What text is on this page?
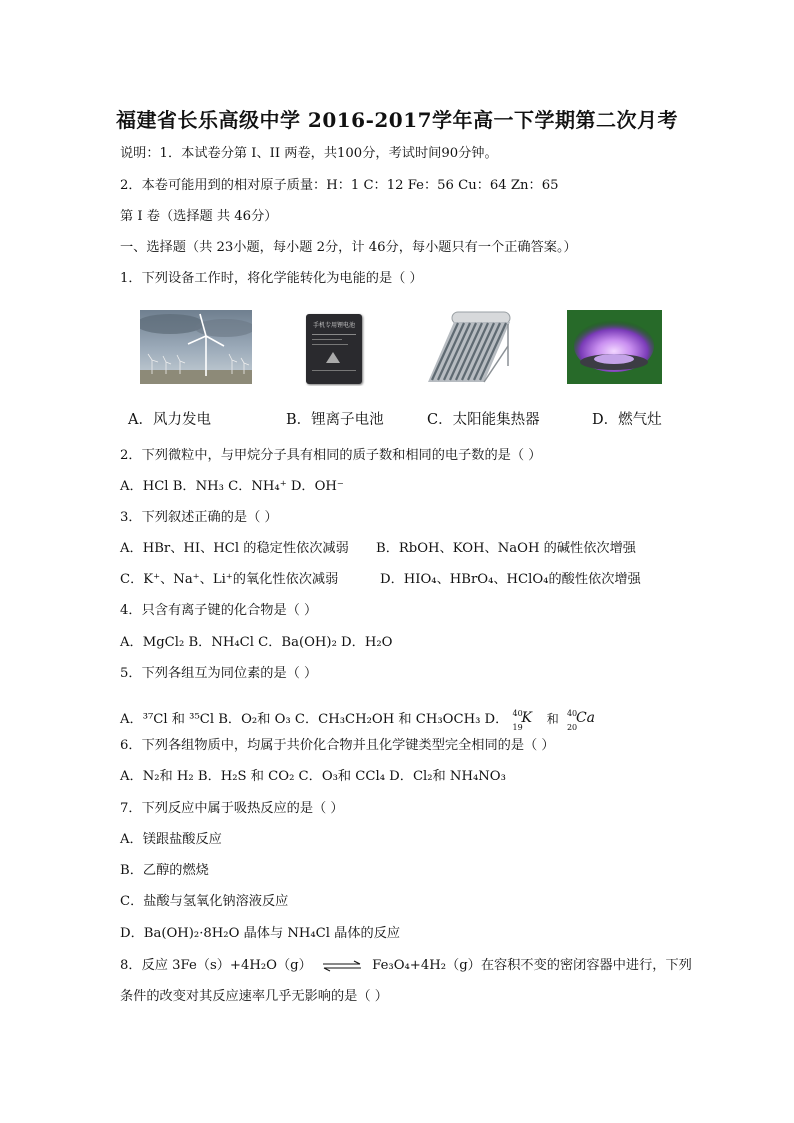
福建省长乐高级中学 2016-2017学年高一下学期第二次月考
说明：1．本试卷分第 I、II 两卷，共100分，考试时间90分钟。
2．本卷可能用到的相对原子质量：H：1 C：12 Fe：56 Cu：64 Zn：65
第 I 卷（选择题 共 46分）
一、选择题（共 23小题，每小题 2分，计 46分，每小题只有一个正确答案。）
1．下列设备工作时，将化学能转化为电能的是（ ）
手机专用锂电池
A．风力发电	B．锂离子电池	C．太阳能集热器	D．燃气灶
2．下列微粒中，与甲烷分子具有相同的质子数和相同的电子数的是（ ）
A．HCl B．NH₃ C．NH₄⁺ D．OH⁻
3．下列叙述正确的是（ ）
A．HBr、HI、HCl 的稳定性依次减弱 B．RbOH、KOH、NaOH 的碱性依次增强
C．K⁺、Na⁺、Li⁺的氧化性依次减弱	D．HIO₄、HBrO₄、HClO₄的酸性依次增强
4．只含有离子键的化合物是（ ）
A．MgCl₂ B．NH₄Cl C．Ba(OH)₂ D．H₂O
5．下列各组互为同位素的是（ ）
A．³⁷Cl 和 ³⁵Cl B．O₂和 O₃ C．CH₃CH₂OH 和 CH₃OCH₃ D． 40
19
K 和 40
20
Ca
6．下列各组物质中，均属于共价化合物并且化学键类型完全相同的是（ ）
A．N₂和 H₂ B．H₂S 和 CO₂ C．O₃和 CCl₄ D．Cl₂和 NH₄NO₃
7．下列反应中属于吸热反应的是（ ）
A．镁跟盐酸反应
B．乙醇的燃烧
C．盐酸与氢氧化钠溶液反应
D．Ba(OH)₂·8H₂O 晶体与 NH₄Cl 晶体的反应
8．反应 3Fe（s）+4H₂O（g） ⇌ Fe₃O₄+4H₂（g）在容积不变的密闭容器中进行，下列
条件的改变对其反应速率几乎无影响的是（ ）
